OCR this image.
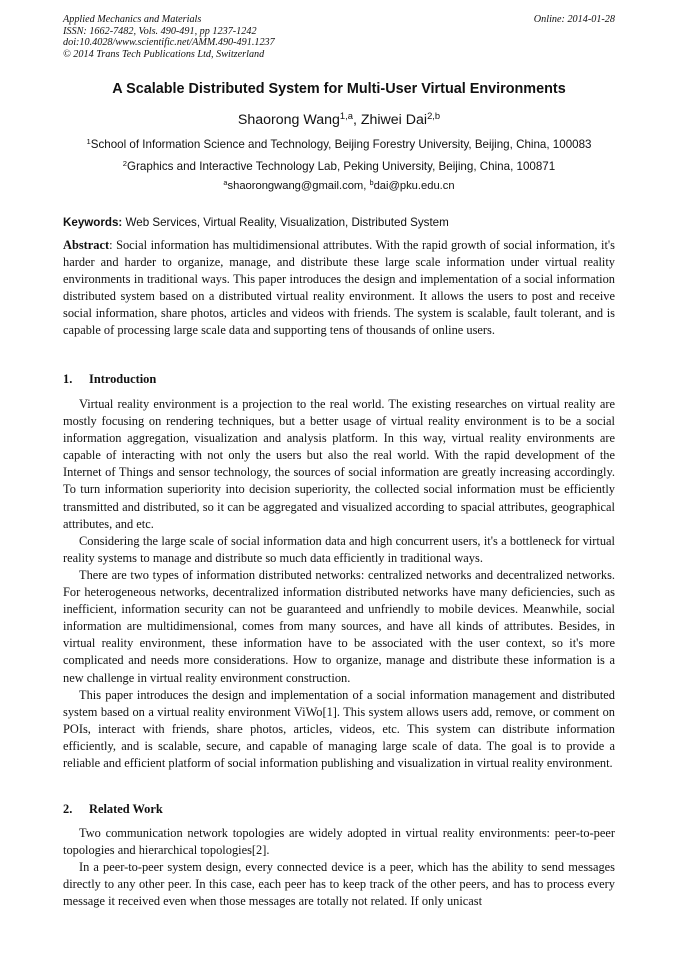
Applied Mechanics and Materials
ISSN: 1662-7482, Vols. 490-491, pp 1237-1242
doi:10.4028/www.scientific.net/AMM.490-491.1237
© 2014 Trans Tech Publications Ltd, Switzerland
Online: 2014-01-28
A Scalable Distributed System for Multi-User Virtual Environments
Shaorong Wang$^{1,a}$, Zhiwei Dai$^{2,b}$
$^1$School of Information Science and Technology, Beijing Forestry University, Beijing, China, 100083
$^2$Graphics and Interactive Technology Lab, Peking University, Beijing, China, 100871
$^a$shaorongwang@gmail.com, $^b$dai@pku.edu.cn
Keywords: Web Services, Virtual Reality, Visualization, Distributed System

Abstract: Social information has multidimensional attributes. With the rapid growth of social information, it's harder and harder to organize, manage, and distribute these large scale information under virtual reality environments in traditional ways. This paper introduces the design and implementation of a social information distributed system based on a distributed virtual reality environment. It allows the users to post and receive social information, share photos, articles and videos with friends. The system is scalable, fault tolerant, and is capable of processing large scale data and supporting tens of thousands of online users.

1. Introduction

Virtual reality environment is a projection to the real world. The existing researches on virtual reality are mostly focusing on rendering techniques, but a better usage of virtual reality environment is to be a social information aggregation, visualization and analysis platform. In this way, virtual reality environments are capable of interacting with not only the users but also the real world. With the rapid development of the Internet of Things and sensor technology, the sources of social information are greatly increasing accordingly. To turn information superiority into decision superiority, the collected social information must be efficiently transmitted and distributed, so it can be aggregated and visualized according to spacial attributes, geographical attributes, and etc.

Considering the large scale of social information data and high concurrent users, it's a bottleneck for virtual reality systems to manage and distribute so much data efficiently in traditional ways.

There are two types of information distributed networks: centralized networks and decentralized networks. For heterogeneous networks, decentralized information distributed networks have many deficiencies, such as inefficient, information security can not be guaranteed and unfriendly to mobile devices. Meanwhile, social information are multidimensional, comes from many sources, and have all kinds of attributes. Besides, in virtual reality environment, these information have to be associated with the user context, so it's more complicated and needs more considerations. How to organize, manage and distribute these information is a new challenge in virtual reality environment construction.

This paper introduces the design and implementation of a social information management and distributed system based on a virtual reality environment ViWo[1]. This system allows users add, remove, or comment on POIs, interact with friends, share photos, articles, videos, etc. This system can distribute information efficiently, and is scalable, secure, and capable of managing large scale of data. The goal is to provide a reliable and efficient platform of social information publishing and visualization in virtual reality environment.

2. Related Work

Two communication network topologies are widely adopted in virtual reality environments: peer-to-peer topologies and hierarchical topologies[2].

In a peer-to-peer system design, every connected device is a peer, which has the ability to send messages directly to any other peer. In this case, each peer has to keep track of the other peers, and has to process every message it received even when those messages are totally not related. If only unicast
